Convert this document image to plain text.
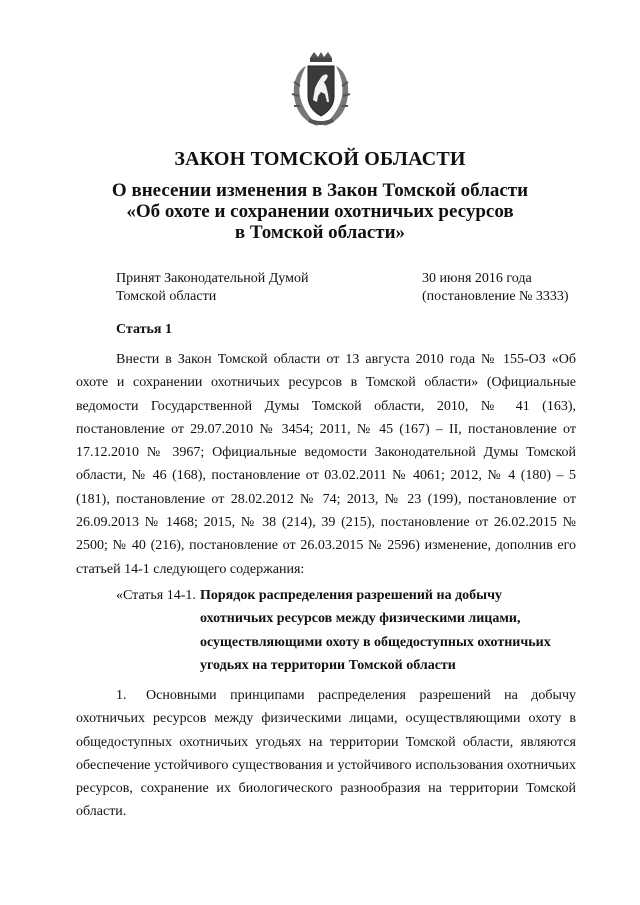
ЗАКОН ТОМСКОЙ ОБЛАСТИ
О внесении изменения в Закон Томской области
«Об охоте и сохранении охотничьих ресурсов
в Томской области»
Принят Законодательной Думой
Томской области
30 июня 2016 года
(постановление № 3333)
Статья 1

Внести в Закон Томской области от 13 августа 2010 года № 155-ОЗ «Об охоте и сохранении охотничьих ресурсов в Томской области» (Официальные ведомости Государственной Думы Томской области, 2010, № 41 (163), постановление от 29.07.2010 № 3454; 2011, № 45 (167) – II, постановление от 17.12.2010 № 3967; Официальные ведомости Законодательной Думы Томской области, № 46 (168), постановление от 03.02.2011 № 4061; 2012, № 4 (180) – 5 (181), постановление от 28.02.2012 № 74; 2013, № 23 (199), постановление от 26.09.2013 № 1468; 2015, № 38 (214), 39 (215), постановление от 26.02.2015 № 2500; № 40 (216), постановление от 26.03.2015 № 2596) изменение, дополнив его статьей 14-1 следующего содержания:

«Статья 14-1. Порядок распределения разрешений на добычу охотничьих ресурсов между физическими лицами, осуществляющими охоту в общедоступных охотничьих угодьях на территории Томской области

1. Основными принципами распределения разрешений на добычу охотничьих ресурсов между физическими лицами, осуществляющими охоту в общедоступных охотничьих угодьях на территории Томской области, являются обеспечение устойчивого существования и устойчивого использования охотничьих ресурсов, сохранение их биологического разнообразия на территории Томской области.
